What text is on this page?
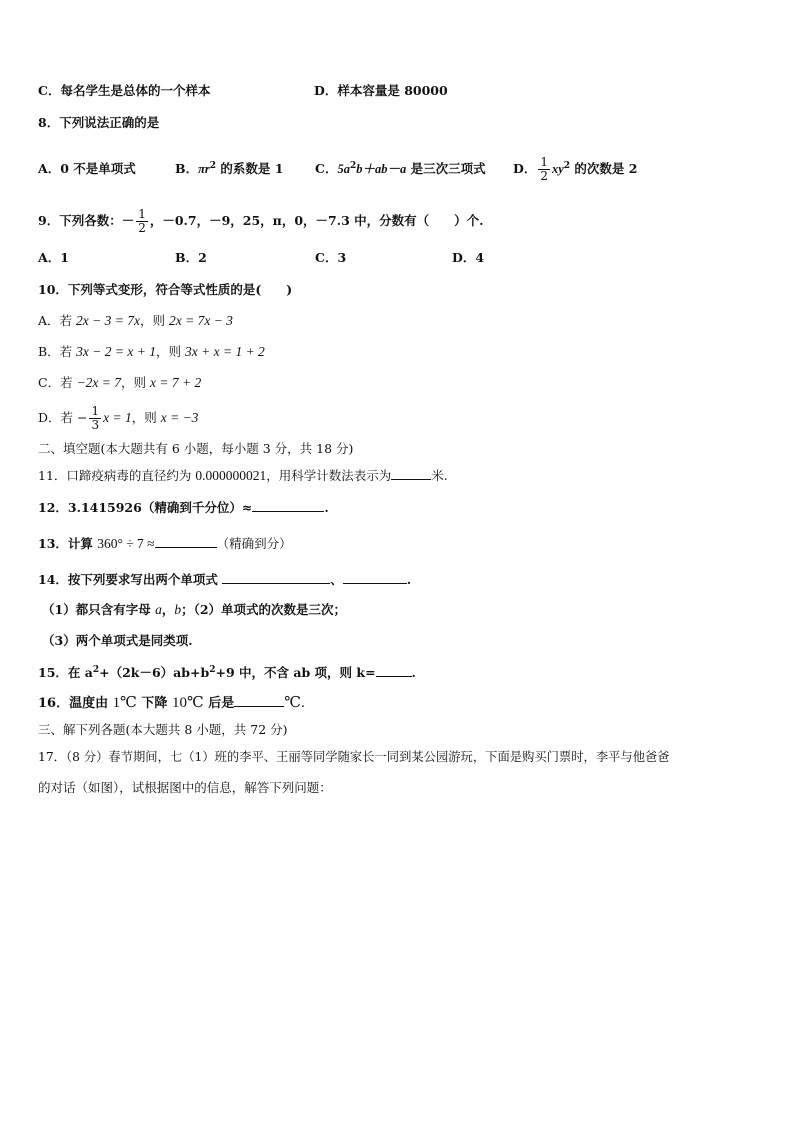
C．每名学生是总体的一个样本	D．样本容量是 80000
8．下列说法正确的是
A．0 不是单项式	B．$\pi r^2$ 的系数是 1	C．$5a^2b+ab-a$ 是三次三项式 D． $\frac{1}{2} xy^2$ 的次数是 2
9．下列各数：－ $\frac{1}{2}$ ，－0.7，－9，25，π，0，－7.3 中，分数有（　　）个.
A．1	B．2	C．3	D．4
10．下列等式变形，符合等式性质的是(　　)
A．若 2x − 3 = 7x，则 2x = 7x − 3
B．若 3x − 2 = x + 1，则 3x + x = 1 + 2
C．若 −2x = 7，则 x = 7 + 2
D．若 − $\frac{1}{3}$ x = 1，则 x = −3
二、填空题(本大题共有 6 小题，每小题 3 分，共 18 分)
11．口蹄疫病毒的直径约为 0.000000021，用科学计数法表示为	米.
12．3.1415926（精确到千分位）≈	.
13．计算 360° ÷ 7 ≈	（精确到分）
14．按下列要求写出两个单项式	、	.
（1）都只含有字母 a，b；（2）单项式的次数是三次；
（3）两个单项式是同类项.
15．在 $a^2+(2k-6)ab+b^2+9$ 中，不含 ab 项，则 k=	.
16．温度由 1℃ 下降 10℃ 后是	℃.
三、解下列各题(本大题共 8 小题，共 72 分)
17．（8 分）春节期间，七（1）班的李平、王丽等同学随家长一同到某公园游玩，下面是购买门票时，李平与他爸爸
的对话（如图），试根据图中的信息，解答下列问题：
